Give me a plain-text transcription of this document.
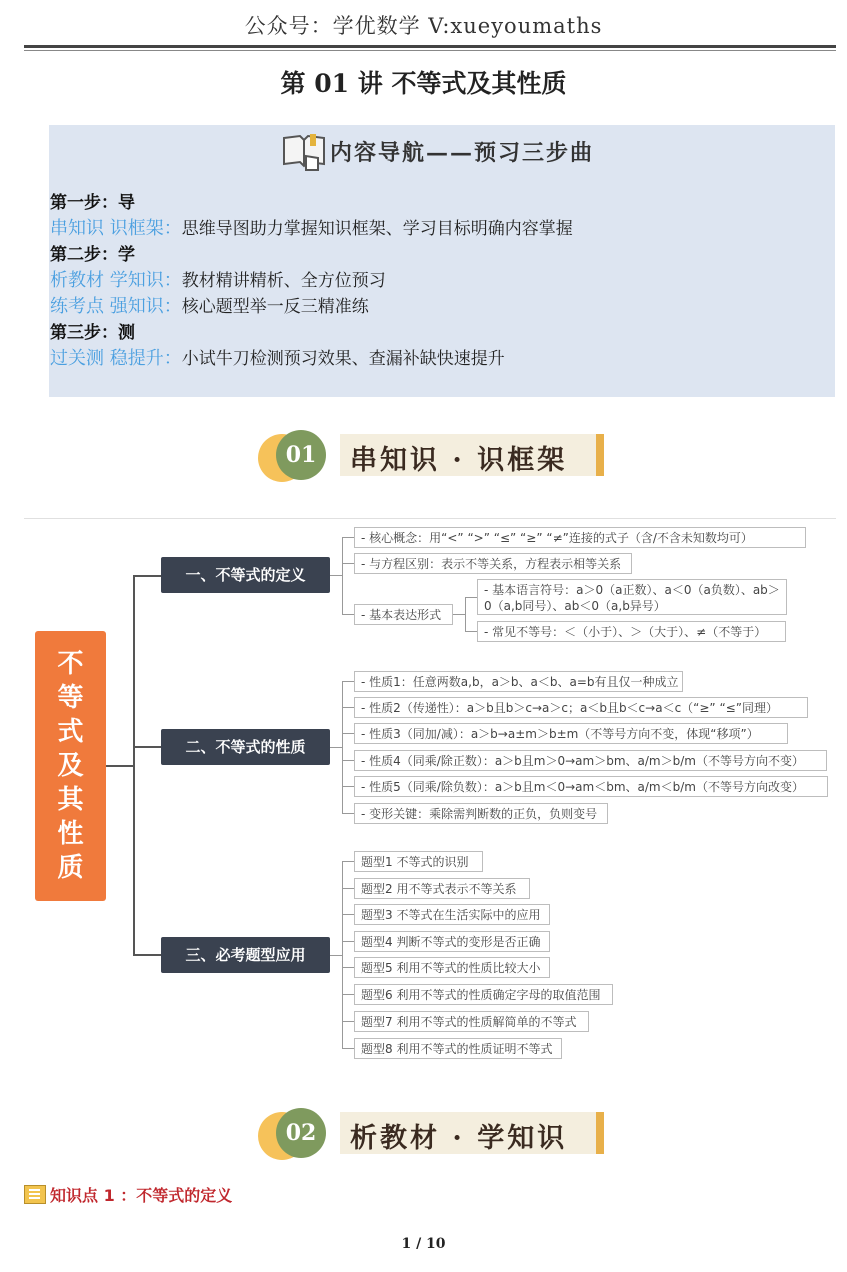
公众号：学优数学 V:xueyoumaths
第 01 讲 不等式及其性质
内容导航——预习三步曲
第一步：导
串知识 识框架：思维导图助力掌握知识框架、学习目标明确内容掌握
第二步：学
析教材 学知识：教材精讲精析、全方位预习
练考点 强知识：核心题型举一反三精准练
第三步：测
过关测 稳提升：小试牛刀检测预习效果、查漏补缺快速提升
01	串知识 · 识框架
不
等
式
及
其
性
质
一、不等式的定义
二、不等式的性质
三、必考题型应用
- 核心概念：用“<” “>” “≤” “≥” “≠”连接的式子（含/不含未知数均可）
- 与方程区别：表示不等关系，方程表示相等关系
- 基本表达形式
- 基本语言符号：a＞0（a正数）、a＜0（a负数）、ab＞0（a,b同号）、ab＜0（a,b异号）
- 常见不等号：＜（小于）、＞（大于）、≠（不等于）
- 性质1：任意两数a,b，a＞b、a＜b、a=b有且仅一种成立
- 性质2（传递性）：a＞b且b＞c→a＞c；a＜b且b＜c→a＜c（“≥” “≤”同理）
- 性质3（同加/减）：a＞b→a±m＞b±m（不等号方向不变，体现“移项”）
- 性质4（同乘/除正数）：a＞b且m＞0→am＞bm、a/m＞b/m（不等号方向不变）
- 性质5（同乘/除负数）：a＞b且m＜0→am＜bm、a/m＜b/m（不等号方向改变）
- 变形关键：乘除需判断数的正负，负则变号
题型1 不等式的识别
题型2 用不等式表示不等关系
题型3 不等式在生活实际中的应用
题型4 判断不等式的变形是否正确
题型5 利用不等式的性质比较大小
题型6 利用不等式的性质确定字母的取值范围
题型7 利用不等式的性质解简单的不等式
题型8 利用不等式的性质证明不等式
02	析教材 · 学知识
知识点 1 ：不等式的定义
1 / 10
